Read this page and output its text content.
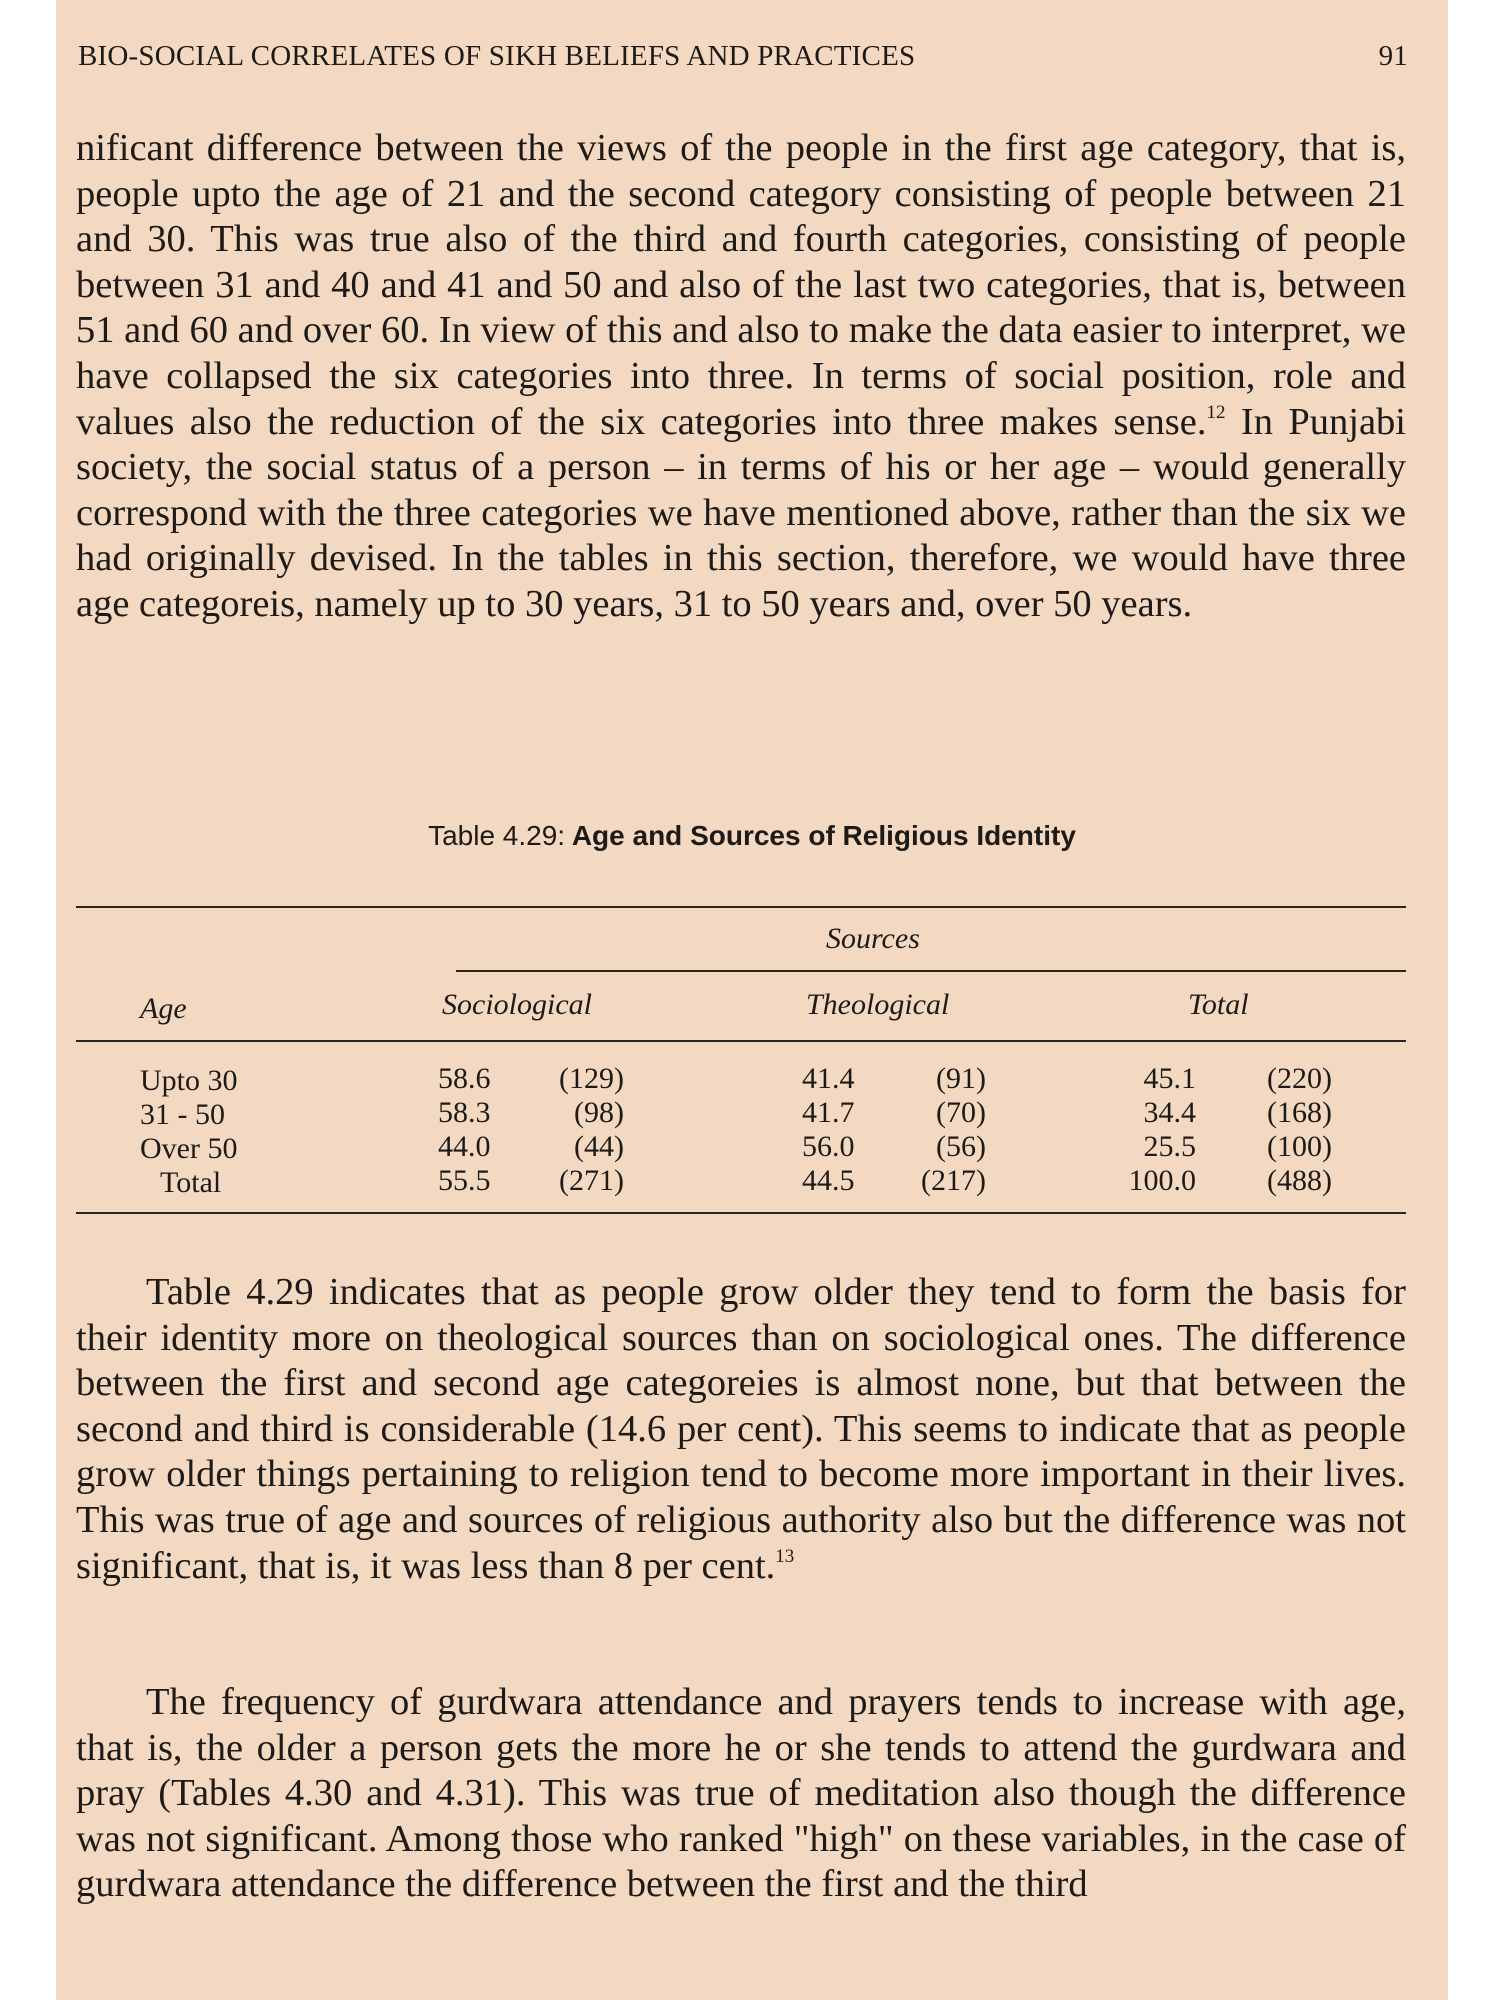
BIO-SOCIAL CORRELATES OF SIKH BELIEFS AND PRACTICES	91

nificant difference between the views of the people in the first age category, that is, people upto the age of 21 and the second category consisting of people between 21 and 30. This was true also of the third and fourth categories, consisting of people between 31 and 40 and 41 and 50 and also of the last two categories, that is, between 51 and 60 and over 60. In view of this and also to make the data easier to interpret, we have collapsed the six categories into three. In terms of social position, role and values also the reduction of the six categories into three makes sense.$^{12}$ In Punjabi society, the social status of a person – in terms of his or her age – would generally correspond with the three categories we have mentioned above, rather than the six we had originally devised. In the tables in this section, therefore, we would have three age categoreis, namely up to 30 years, 31 to 50 years and, over 50 years.

Table 4.29: Age and Sources of Religious Identity
Sources
Age	Sociological	Theological	Total
Upto 30	58.6	(129)	41.4	(91)	45.1	(220)
31 - 50	58.3	(98)	41.7	(70)	34.4	(168)
Over 50	44.0	(44)	56.0	(56)	25.5	(100)
Total	55.5	(271)	44.5	(217)	100.0	(488)

Table 4.29 indicates that as people grow older they tend to form the basis for their identity more on theological sources than on sociological ones. The difference between the first and second age categoreies is almost none, but that between the second and third is considerable (14.6 per cent). This seems to indicate that as people grow older things pertaining to religion tend to become more important in their lives. This was true of age and sources of religious authority also but the difference was not significant, that is, it was less than 8 per cent.$^{13}$

The frequency of gurdwara attendance and prayers tends to increase with age, that is, the older a person gets the more he or she tends to attend the gurdwara and pray (Tables 4.30 and 4.31). This was true of meditation also though the difference was not significant. Among those who ranked "high" on these variables, in the case of gurdwara attendance the difference between the first and the third
